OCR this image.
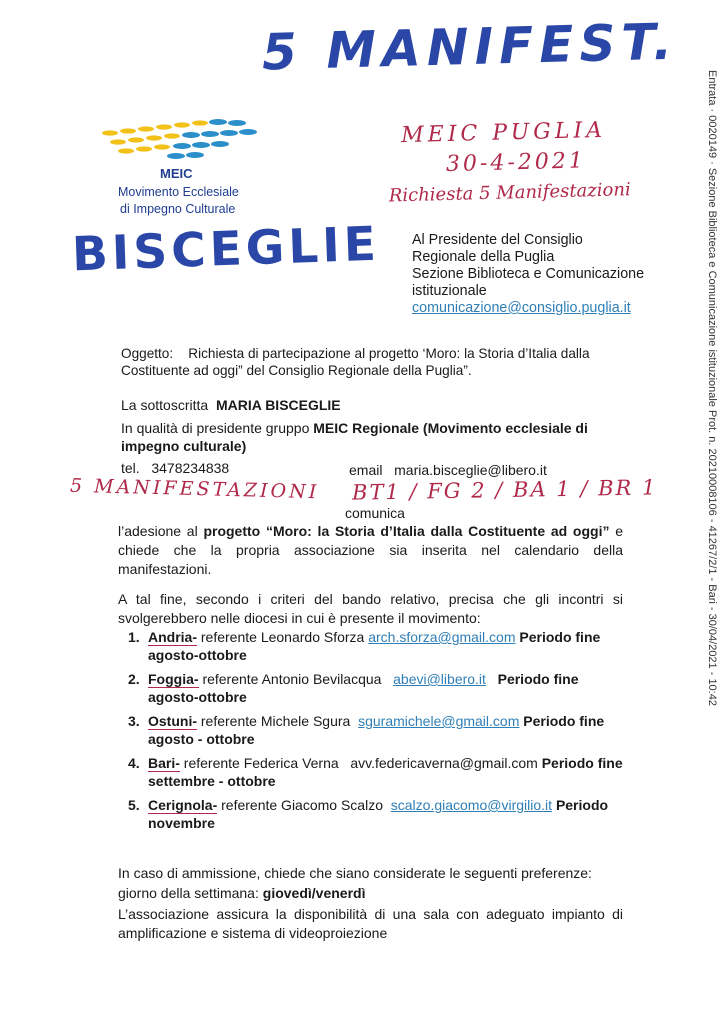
5 MANIFEST.
MEIC
Movimento Ecclesiale
di Impegno Culturale
BISCEGLIE
MEIC PUGLIA
30-4-2021
Richiesta 5 Manifestazioni
Al Presidente del Consiglio
Regionale della Puglia
Sezione Biblioteca e Comunicazione
istituzionale
comunicazione@consiglio.puglia.it
Oggetto: Richiesta di partecipazione al progetto ‘Moro: la Storia d’Italia dalla Costituente ad oggi” del Consiglio Regionale della Puglia”.
La sottoscritta MARIA BISCEGLIE
In qualità di presidente gruppo MEIC Regionale (Movimento ecclesiale di impegno culturale)
tel. 3478234838	email maria.bisceglie@libero.it
5 MANIFESTAZIONI BT1 / FG 2 / BA 1 / BR 1
comunica
l’adesione al progetto “Moro: la Storia d’Italia dalla Costituente ad oggi” e chiede che la propria associazione sia inserita nel calendario della manifestazioni.
A tal fine, secondo i criteri del bando relativo, precisa che gli incontri si svolgerebbero nelle diocesi in cui è presente il movimento:
1. Andria- referente Leonardo Sforza arch.sforza@gmail.com Periodo fine agosto-ottobre
2. Foggia- referente Antonio Bevilacqua abevi@libero.it Periodo fine agosto-ottobre
3. Ostuni- referente Michele Sgura sguramichele@gmail.com Periodo fine agosto - ottobre
4. Bari- referente Federica Verna avv.federicaverna@gmail.com Periodo fine settembre - ottobre
5. Cerignola- referente Giacomo Scalzo scalzo.giacomo@virgilio.it Periodo novembre
In caso di ammissione, chiede che siano considerate le seguenti preferenze:
giorno della settimana: giovedì/venerdì
L’associazione assicura la disponibilità di una sala con adeguato impianto di amplificazione e sistema di videoproiezione
Entrata · 0020149 · Sezione Biblioteca e Comunicazione istituzionale Prot. n. 20210008106 - 41267/2/1 - Bari - 30/04/2021 - 10:42
